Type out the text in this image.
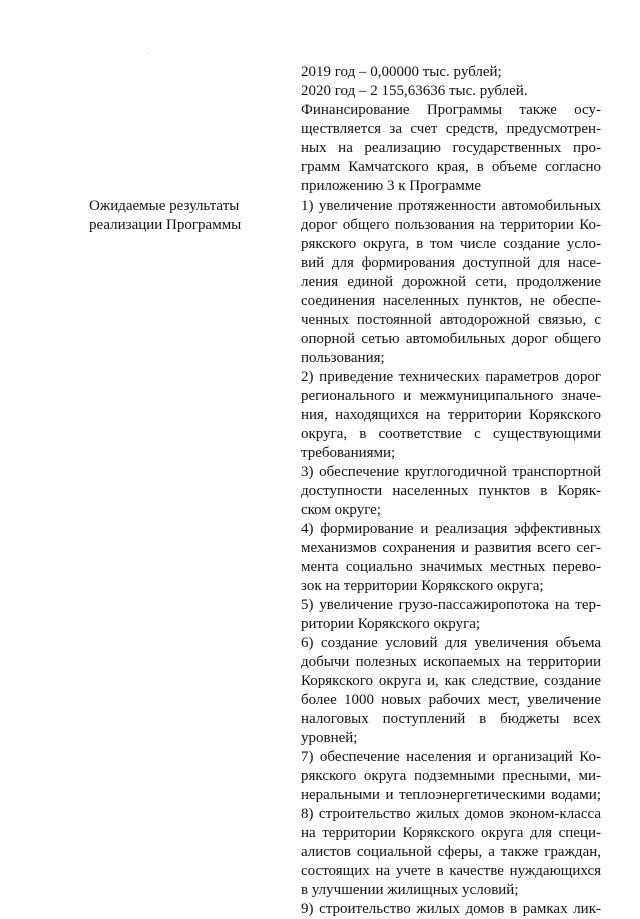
2019 год – 0,00000 тыс. рублей;
2020 год – 2 155,63636 тыс. рублей.
Финансирование Программы также осу-
ществляется за счет средств, предусмотрен-
ных на реализацию государственных про-
грамм Камчатского края, в объеме согласно
приложению 3 к Программе
Ожидаемые результаты
реализации Программы
1) увеличение протяженности автомобильных
дорог общего пользования на территории Ко-
рякского округа, в том числе создание усло-
вий для формирования доступной для насе-
ления единой дорожной сети, продолжение
соединения населенных пунктов, не обеспе-
ченных постоянной автодорожной связью, с
опорной сетью автомобильных дорог общего
пользования;
2) приведение технических параметров дорог
регионального и межмуниципального значе-
ния, находящихся на территории Корякского
округа, в соответствие с существующими
требованиями;
3) обеспечение круглогодичной транспортной
доступности населенных пунктов в Коряк-
ском округе;
4) формирование и реализация эффективных
механизмов сохранения и развития всего сег-
мента социально значимых местных перево-
зок на территории Корякского округа;
5) увеличение грузо-пассажиропотока на тер-
ритории Корякского округа;
6) создание условий для увеличения объема
добычи полезных ископаемых на территории
Корякского округа и, как следствие, создание
более 1000 новых рабочих мест, увеличение
налоговых поступлений в бюджеты всех
уровней;
7) обеспечение населения и организаций Ко-
рякского округа подземными пресными, ми-
неральными и теплоэнергетическими водами;
8) строительство жилых домов эконом-класса
на территории Корякского округа для специ-
алистов социальной сферы, а также граждан,
состоящих на учете в качестве нуждающихся
в улучшении жилищных условий;
9) строительство жилых домов в рамках лик-
